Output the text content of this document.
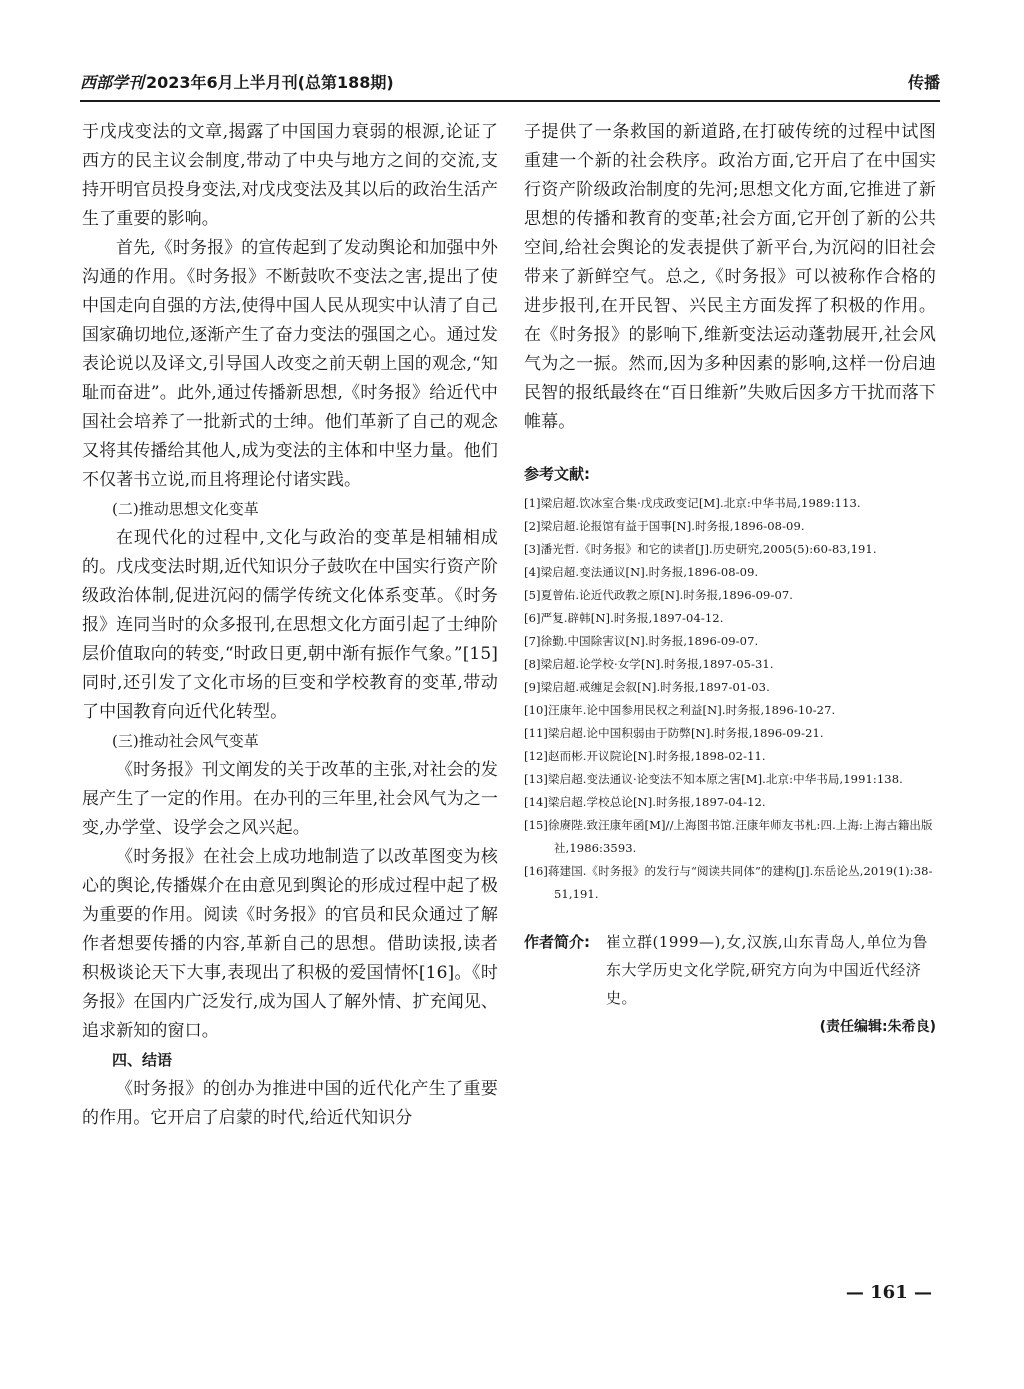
西部学刊 2023年6月上半月刊(总第188期)	传播

于戊戌变法的文章,揭露了中国国力衰弱的根源,论证了西方的民主议会制度,带动了中央与地方之间的交流,支持开明官员投身变法,对戊戌变法及其以后的政治生活产生了重要的影响。

首先,《时务报》的宣传起到了发动舆论和加强中外沟通的作用。《时务报》不断鼓吹不变法之害,提出了使中国走向自强的方法,使得中国人民从现实中认清了自己国家确切地位,逐渐产生了奋力变法的强国之心。通过发表论说以及译文,引导国人改变之前天朝上国的观念,“知耻而奋进”。此外,通过传播新思想,《时务报》给近代中国社会培养了一批新式的士绅。他们革新了自己的观念又将其传播给其他人,成为变法的主体和中坚力量。他们不仅著书立说,而且将理论付诸实践。

(二)推动思想文化变革

在现代化的过程中,文化与政治的变革是相辅相成的。戊戌变法时期,近代知识分子鼓吹在中国实行资产阶级政治体制,促进沉闷的儒学传统文化体系变革。《时务报》连同当时的众多报刊,在思想文化方面引起了士绅阶层价值取向的转变,“时政日更,朝中渐有振作气象。”[15] 同时,还引发了文化市场的巨变和学校教育的变革,带动了中国教育向近代化转型。

(三)推动社会风气变革

《时务报》刊文阐发的关于改革的主张,对社会的发展产生了一定的作用。在办刊的三年里,社会风气为之一变,办学堂、设学会之风兴起。

《时务报》在社会上成功地制造了以改革图变为核心的舆论,传播媒介在由意见到舆论的形成过程中起了极为重要的作用。阅读《时务报》的官员和民众通过了解作者想要传播的内容,革新自己的思想。借助读报,读者积极谈论天下大事,表现出了积极的爱国情怀[16]。《时务报》在国内广泛发行,成为国人了解外情、扩充闻见、追求新知的窗口。

四、结语

《时务报》的创办为推进中国的近代化产生了重要的作用。它开启了启蒙的时代,给近代知识分

子提供了一条救国的新道路,在打破传统的过程中试图重建一个新的社会秩序。政治方面,它开启了在中国实行资产阶级政治制度的先河;思想文化方面,它推进了新思想的传播和教育的变革;社会方面,它开创了新的公共空间,给社会舆论的发表提供了新平台,为沉闷的旧社会带来了新鲜空气。总之,《时务报》可以被称作合格的进步报刊,在开民智、兴民主方面发挥了积极的作用。在《时务报》的影响下,维新变法运动蓬勃展开,社会风气为之一振。然而,因为多种因素的影响,这样一份启迪民智的报纸最终在“百日维新”失败后因多方干扰而落下帷幕。

参考文献:

[1]梁启超.饮冰室合集·戊戌政变记[M].北京:中华书局,1989:113.

[2]梁启超.论报馆有益于国事[N].时务报,1896-08-09.

[3]潘光哲.《时务报》和它的读者[J].历史研究,2005(5):60-83,191.

[4]梁启超.变法通议[N].时务报,1896-08-09.

[5]夏曾佑.论近代政教之原[N].时务报,1896-09-07.

[6]严复.辟韩[N].时务报,1897-04-12.

[7]徐勤.中国除害议[N].时务报,1896-09-07.

[8]梁启超.论学校·女学[N].时务报,1897-05-31.

[9]梁启超.戒缠足会叙[N].时务报,1897-01-03.

[10]汪康年.论中国参用民权之利益[N].时务报,1896-10-27.

[11]梁启超.论中国积弱由于防弊[N].时务报,1896-09-21.

[12]赵而彬.开议院论[N].时务报,1898-02-11.

[13]梁启超.变法通议·论变法不知本原之害[M].北京:中华书局,1991:138.

[14]梁启超.学校总论[N].时务报,1897-04-12.

[15]徐赓陛.致汪康年函[M]//上海图书馆.汪康年师友书札:四.上海:上海古籍出版社,1986:3593.

[16]蒋建国.《时务报》的发行与“阅读共同体”的建构[J].东岳论丛,2019(1):38-51,191.

作者简介:	崔立群(1999—),女,汉族,山东青岛人,单位为鲁东大学历史文化学院,研究方向为中国近代经济史。
(责任编辑:朱希良)
— 161 —
